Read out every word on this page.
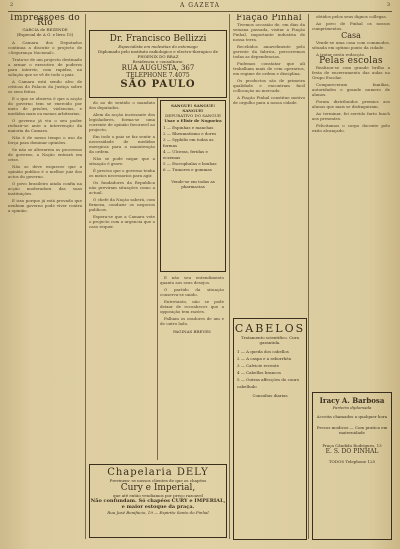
2	A GAZETA	3
Impressões do Rio
GARCIA de REZENDE
(Especial de A G. e livro 15)

A Camara dos Deputados continua a discutir o projecto de «Segurança Nacional».

Trata-se de um projecto destinado a armar o executivo de poderes para intervir, com rapidez, na solução que se vê de todo o paiz.

A Camara está sendo alvo de criticas do Palacio da Justiça sobre os seus feitos.

E o que se observa é que a acção do governo tem se exercido por meio de prisões, violencias, e medidas mais ou menos arbitrarias.

O governo já viu o seu poder reduzir-se ante a intervenção da maioria da Camara.

Não é de nosso tempo o uso da força para dominar opiniões.

Se não se alterarem os processos de governo, a Nação entrará em crise.

Não se deve esquecer que a opinião publica é o melhor juiz dos actos do governo.

O povo brasileiro ainda confia na acção moderadora das suas instituições.

E isso porque já está provado que nenhum governo pode viver contra a opinião.

Dr. Francisco Bellizzi
Especialista em molestias do estomago
Diplomado pelo instituto radiologico e electro-therapico de PHOENIX DO BRAZ
Residencia e consultorio:
RUA AUGUSTA, 367
TELEPHONE 7.4075
SÃO PAULO

do ao de sentido o mandato dos deputados.

Alem da acção incessante dos legisladores, forma-se uma corrente de opinião favoravel ao projecto.

Em todo o paiz se faz sentir a necessidade de medidas energicas para a manutenção da ordem.

Não se pode negar que a situação é grave.

É preciso que o governo tenha os meios necessarios para agir.

Os fundadores da Republica não previram situações como a actual.

O chefe da Nação saberá, com firmeza, conduzir os negocios publicos.

Espera-se que a Camara vote o projecto com a urgencia que o caso requer.

SANGUE! SANGUE! SANGUE!
DEPURATIVO DO SANGUE
Usae o Elixir de Nogueira
1 — Espinhas e manchas
2 — Rheumatismo e dores
3 — Syphilis em todas as formas
4 — Ulceras, feridas e eczemas
5 — Escrophulas e boubas
6 — Tumores e gommas
Vende-se em todas as pharmacias

E não seu entendimento quanto aos seus desejos.

O partido da situação conserva-se unido.

Entretanto, não se pode deixar de reconhecer que a opposição tem razões.

Falham os oradores de um e de outro lado.

PAGINAS BREVES
Chapelaria DELY
Previnem- se nossos clientes de que os chapéos
Cury e Imperial,
que até então vendiamos por preço razoavel
Não confundam. Só chapéos CURY e IMPERIAL, e maior estoque da praça.
Rua José Bonifacio, 19 — Espirito Santo do Pinhal
Fiação Pinhal

Tivemos occasião de, em dias da semana passada, visitar a Fiação Pinhal, importante industria de nossa terra.

Recebidos amavelmente pelo gerente da fabrica, percorremos todas as dependencias.

Pudemos constatar que ali trabalham mais de cem operarios, em regime de ordem e disciplina.

Os productos são de primeira qualidade e encontram facil collocação no mercado.

A Fiação Pinhal constitue motivo de orgulho para a nossa cidade.

CABELOS
Tratamento scientifico. Cura garantida.
1 — A queda dos cabellos
2 — A caspa e a seborrhéa
3 — Calvicie recente
4 — Cabellos brancos
5 — Outras affecções do couro cabelludo
Consultas diarias

obtidos pelos seus dignos collegas.

Ao povo de Pinhal os nossos cumprimentos.

Casa

Vende-se uma casa com commodos, situada em optimo ponto da cidade.

A tratar nesta redacção.

Pelas escolas

Realizou-se com grande brilho a festa de encerramento das aulas no Grupo Escolar.

Compareceram familias, autoridades e grande numero de alunos.

Foram distribuidos premios aos alunos que mais se distinguiram.

Ao terminar, foi servido farto lunch aos presentes.

Felicitamos o corpo docente pelo exito alcançado.

Iracy A. Barbosa
Parteira diplomada
Acceita chamados a qualquer hora
Precos modicos — Com pratica em maternidade
Praça Cândido Rodrigues, 13
E. S. DO PINHAL
TODOS Telephone 125
